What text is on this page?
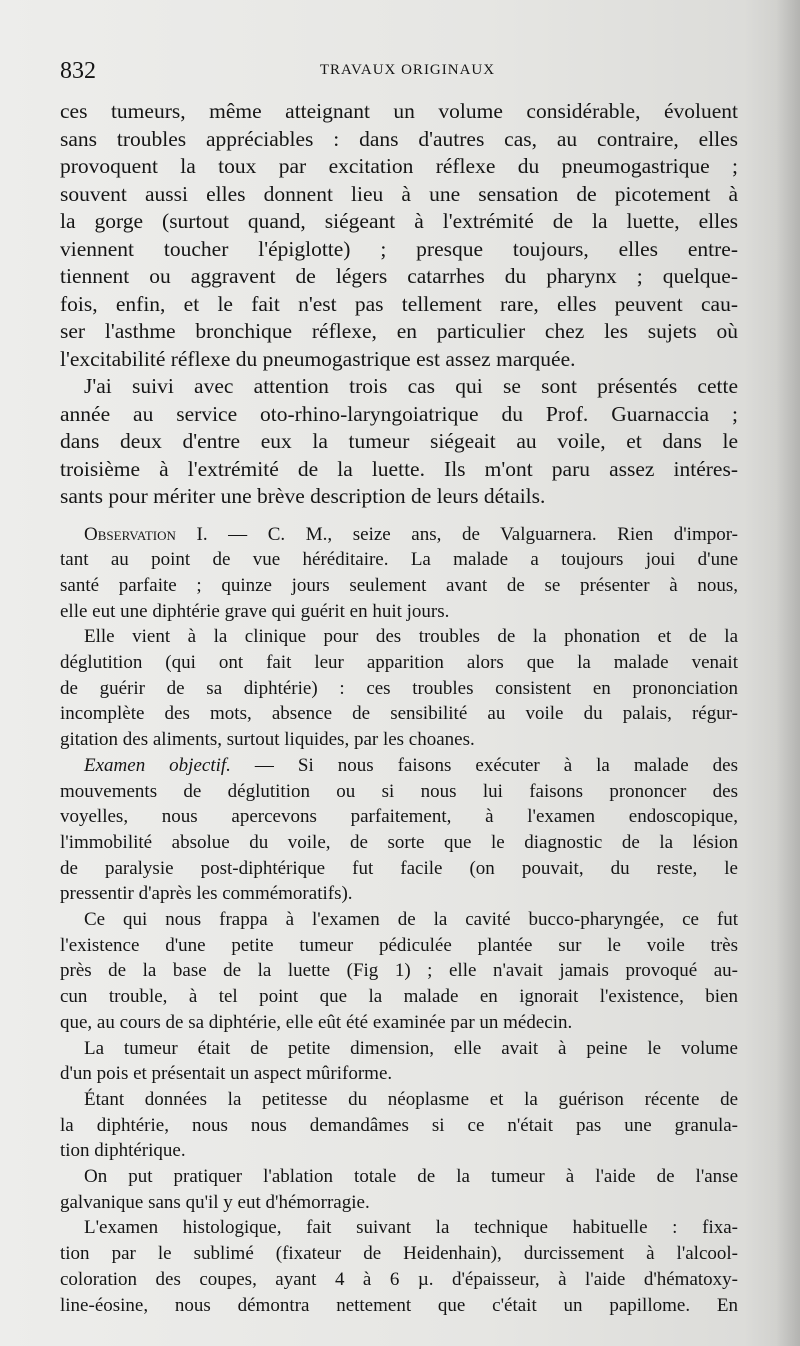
832	TRAVAUX ORIGINAUX
ces tumeurs, même atteignant un volume considérable, évoluent
sans troubles appréciables : dans d'autres cas, au contraire, elles
provoquent la toux par excitation réflexe du pneumogastrique ;
souvent aussi elles donnent lieu à une sensation de picotement à
la gorge (surtout quand, siégeant à l'extrémité de la luette, elles
viennent toucher l'épiglotte) ; presque toujours, elles entre-
tiennent ou aggravent de légers catarrhes du pharynx ; quelque-
fois, enfin, et le fait n'est pas tellement rare, elles peuvent cau-
ser l'asthme bronchique réflexe, en particulier chez les sujets où
l'excitabilité réflexe du pneumogastrique est assez marquée.
J'ai suivi avec attention trois cas qui se sont présentés cette
année au service oto-rhino-laryngoiatrique du Prof. Guarnaccia ;
dans deux d'entre eux la tumeur siégeait au voile, et dans le
troisième à l'extrémité de la luette. Ils m'ont paru assez intéres-
sants pour mériter une brève description de leurs détails.
Observation I. — C. M., seize ans, de Valguarnera. Rien d'impor-
tant au point de vue héréditaire. La malade a toujours joui d'une
santé parfaite ; quinze jours seulement avant de se présenter à nous,
elle eut une diphtérie grave qui guérit en huit jours.
Elle vient à la clinique pour des troubles de la phonation et de la
déglutition (qui ont fait leur apparition alors que la malade venait
de guérir de sa diphtérie) : ces troubles consistent en prononciation
incomplète des mots, absence de sensibilité au voile du palais, régur-
gitation des aliments, surtout liquides, par les choanes.
Examen objectif. — Si nous faisons exécuter à la malade des
mouvements de déglutition ou si nous lui faisons prononcer des
voyelles, nous apercevons parfaitement, à l'examen endoscopique,
l'immobilité absolue du voile, de sorte que le diagnostic de la lésion
de paralysie post-diphtérique fut facile (on pouvait, du reste, le
pressentir d'après les commémoratifs).
Ce qui nous frappa à l'examen de la cavité bucco-pharyngée, ce fut
l'existence d'une petite tumeur pédiculée plantée sur le voile très
près de la base de la luette (Fig 1) ; elle n'avait jamais provoqué au-
cun trouble, à tel point que la malade en ignorait l'existence, bien
que, au cours de sa diphtérie, elle eût été examinée par un médecin.
La tumeur était de petite dimension, elle avait à peine le volume
d'un pois et présentait un aspect mûriforme.
Étant données la petitesse du néoplasme et la guérison récente de
la diphtérie, nous nous demandâmes si ce n'était pas une granula-
tion diphtérique.
On put pratiquer l'ablation totale de la tumeur à l'aide de l'anse
galvanique sans qu'il y eut d'hémorragie.
L'examen histologique, fait suivant la technique habituelle : fixa-
tion par le sublimé (fixateur de Heidenhain), durcissement à l'alcool-
coloration des coupes, ayant 4 à 6 µ. d'épaisseur, à l'aide d'hématoxy-
line-éosine, nous démontra nettement que c'était un papillome. En
